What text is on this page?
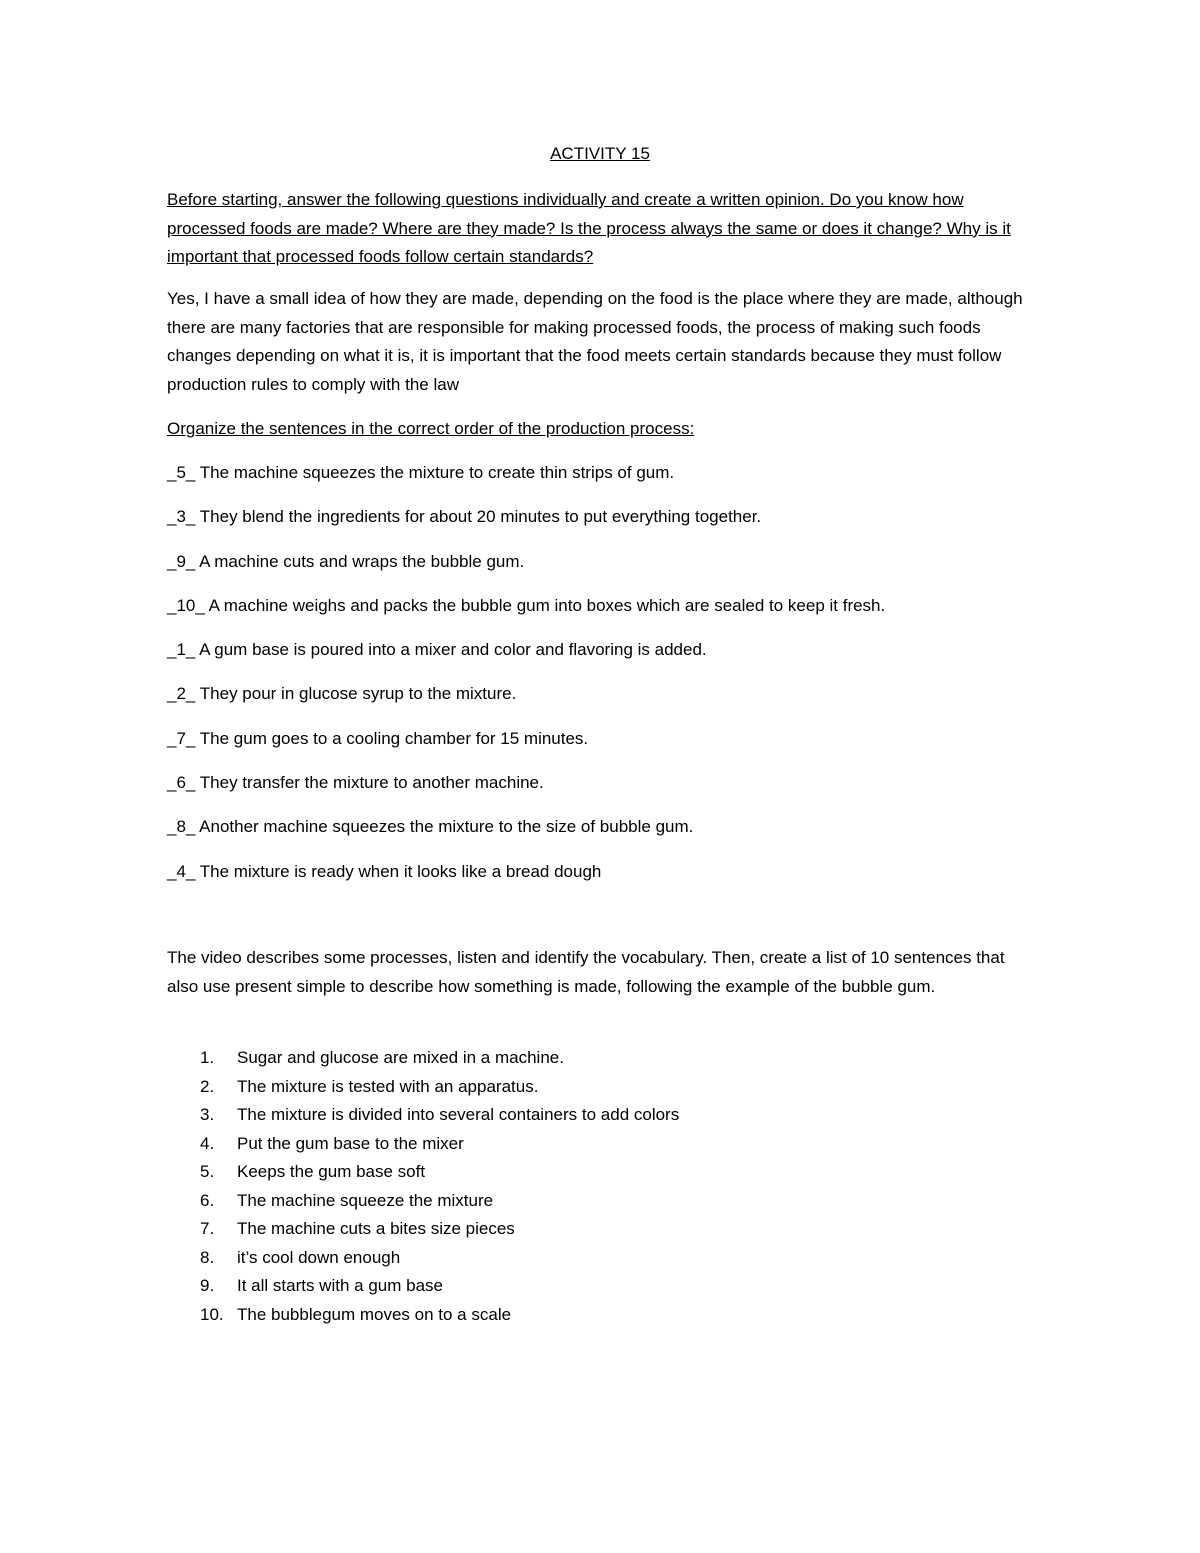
ACTIVITY 15
Before starting, answer the following questions individually and create a written opinion. Do you know how processed foods are made? Where are they made? Is the process always the same or does it change? Why is it important that processed foods follow certain standards?
Yes, I have a small idea of how they are made, depending on the food is the place where they are made, although there are many factories that are responsible for making processed foods, the process of making such foods changes depending on what it is, it is important that the food meets certain standards because they must follow production rules to comply with the law
Organize the sentences in the correct order of the production process:
_5_ The machine squeezes the mixture to create thin strips of gum.
_3_ They blend the ingredients for about 20 minutes to put everything together.
_9_ A machine cuts and wraps the bubble gum.
_10_ A machine weighs and packs the bubble gum into boxes which are sealed to keep it fresh.
_1_ A gum base is poured into a mixer and color and flavoring is added.
_2_ They pour in glucose syrup to the mixture.
_7_ The gum goes to a cooling chamber for 15 minutes.
_6_ They transfer the mixture to another machine.
_8_ Another machine squeezes the mixture to the size of bubble gum.
_4_ The mixture is ready when it looks like a bread dough
The video describes some processes, listen and identify the vocabulary. Then, create a list of 10 sentences that also use present simple to describe how something is made, following the example of the bubble gum.
1. Sugar and glucose are mixed in a machine.
2. The mixture is tested with an apparatus.
3. The mixture is divided into several containers to add colors
4. Put the gum base to the mixer
5. Keeps the gum base soft
6. The machine squeeze the mixture
7. The machine cuts a bites size pieces
8. it’s cool down enough
9. It all starts with a gum base
10. The bubblegum moves on to a scale
